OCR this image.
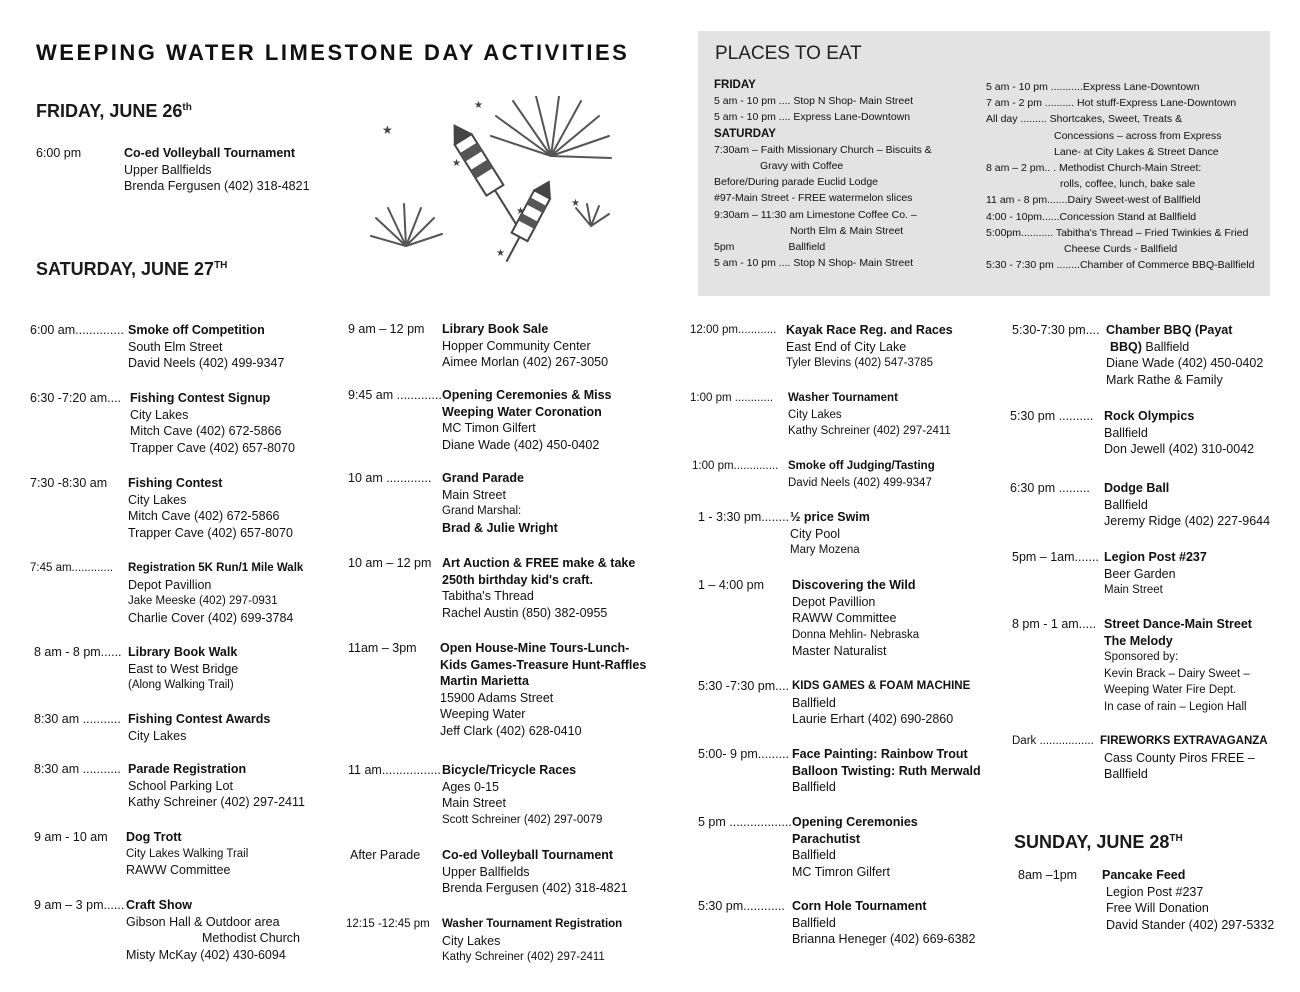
WEEPING WATER LIMESTONE DAY ACTIVITIES
FRIDAY, JUNE 26th
6:00 pm	Co-ed Volleyball Tournament
Upper Ballfields
Brenda Fergusen (402) 318-4821
SATURDAY, JUNE 27TH
★
★
★
★
★
★
PLACES TO EAT
FRIDAY
5 am - 10 pm .... Stop N Shop- Main Street
5 am - 10 pm .... Express Lane-Downtown
SATURDAY
7:30am – Faith Missionary Church – Biscuits &
Gravy with Coffee
Before/During parade Euclid Lodge
#97-Main Street - FREE watermelon slices
9:30am – 11:30 am Limestone Coffee Co. –
North Elm & Main Street
5pm	Ballfield
5 am - 10 pm .... Stop N Shop- Main Street
5 am - 10 pm ...........Express Lane-Downtown
7 am - 2 pm .......... Hot stuff-Express Lane-Downtown
All day ......... Shortcakes, Sweet, Treats &
Concessions – across from Express
Lane- at City Lakes & Street Dance
8 am – 2 pm.. . Methodist Church-Main Street:
rolls, coffee, lunch, bake sale
11 am - 8 pm.......Dairy Sweet-west of Ballfield
4:00 - 10pm......Concession Stand at Ballfield
5:00pm........... Tabitha's Thread – Fried Twinkies & Fried
Cheese Curds - Ballfield
5:30 - 7:30 pm ........Chamber of Commerce BBQ-Ballfield
6:00 am.............. Smoke off Competition
South Elm Street
David Neels (402) 499-9347
6:30 -7:20 am.... Fishing Contest Signup
City Lakes
Mitch Cave (402) 672-5866
Trapper Cave (402) 657-8070
7:30 -8:30 am Fishing Contest
City Lakes
Mitch Cave (402) 672-5866
Trapper Cave (402) 657-8070
7:45 am............. Registration 5K Run/1 Mile Walk
Depot Pavillion
Jake Meeske (402) 297-0931
Charlie Cover (402) 699-3784
8 am - 8 pm...... Library Book Walk
East to West Bridge
(Along Walking Trail)
8:30 am ........... Fishing Contest Awards
City Lakes
8:30 am ........... Parade Registration
School Parking Lot
Kathy Schreiner (402) 297-2411
9 am - 10 am Dog Trott
City Lakes Walking Trail
RAWW Committee
9 am – 3 pm...... Craft Show
Gibson Hall & Outdoor area
Methodist Church
Misty McKay (402) 430-6094
9 am – 12 pm Library Book Sale
Hopper Community Center
Aimee Morlan (402) 267-3050
9:45 am ............. Opening Ceremonies & Miss
Weeping Water Coronation
MC Timon Gilfert
Diane Wade (402) 450-0402
10 am ............. Grand Parade
Main Street
Grand Marshal:
Brad & Julie Wright
10 am – 12 pm Art Auction & FREE make & take
250th birthday kid's craft.
Tabitha's Thread
Rachel Austin (850) 382-0955
11am – 3pm Open House-Mine Tours-Lunch-
Kids Games-Treasure Hunt-Raffles
Martin Marietta
15900 Adams Street
Weeping Water
Jeff Clark (402) 628-0410
11 am................. Bicycle/Tricycle Races
Ages 0-15
Main Street
Scott Schreiner (402) 297-0079
After Parade Co-ed Volleyball Tournament
Upper Ballfields
Brenda Fergusen (402) 318-4821
12:15 -12:45 pm Washer Tournament Registration
City Lakes
Kathy Schreiner (402) 297-2411
12:00 pm............ Kayak Race Reg. and Races
East End of City Lake
Tyler Blevins (402) 547-3785
1:00 pm ............ Washer Tournament
City Lakes
Kathy Schreiner (402) 297-2411
1:00 pm.............. Smoke off Judging/Tasting
David Neels (402) 499-9347
1 - 3:30 pm........ ½ price Swim
City Pool
Mary Mozena
1 – 4:00 pm Discovering the Wild
Depot Pavillion
RAWW Committee
Donna Mehlin- Nebraska
Master Naturalist
5:30 -7:30 pm.... KIDS GAMES & FOAM MACHINE
Ballfield
Laurie Erhart (402) 690-2860
5:00- 9 pm......... Face Painting: Rainbow Trout
Balloon Twisting: Ruth Merwald
Ballfield
5 pm .................. Opening Ceremonies
Parachutist
Ballfield
MC Timron Gilfert
5:30 pm............ Corn Hole Tournament
Ballfield
Brianna Heneger (402) 669-6382
5:30-7:30 pm.... Chamber BBQ (Payat
BBQ) Ballfield
Diane Wade (402) 450-0402
Mark Rathe & Family
5:30 pm .......... Rock Olympics
Ballfield
Don Jewell (402) 310-0042
6:30 pm ......... Dodge Ball
Ballfield
Jeremy Ridge (402) 227-9644
5pm – 1am....... Legion Post #237
Beer Garden
Main Street
8 pm - 1 am..... Street Dance-Main Street
The Melody
Sponsored by:
Kevin Brack – Dairy Sweet –
Weeping Water Fire Dept.
In case of rain – Legion Hall
Dark ................. FIREWORKS EXTRAVAGANZA
Cass County Piros FREE –
Ballfield
SUNDAY, JUNE 28TH
8am –1pm Pancake Feed
Legion Post #237
Free Will Donation
David Stander (402) 297-5332
